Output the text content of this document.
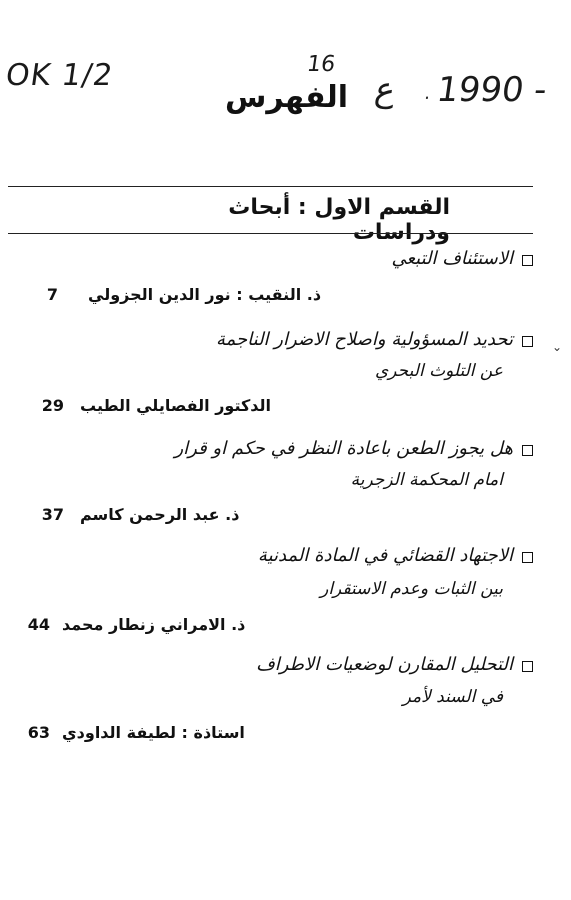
OK 1/2	16
1990 -
ع ·
الفهرس
القسم الاول : أبحاث ودراسات
الاستئناف التبعي
ذ. النقيب : نور الدين الجزولي
7
تحديد المسؤولية واصلاح الاضرار الناجمة
عن التلوث البحري
الدكتور الفصايلي الطيب
29
⌄
هل يجوز الطعن باعادة النظر في حكم او قرار
امام المحكمة الزجرية
ذ. عبد الرحمن كاسم
37
الاجتهاد القضائي في المادة المدنية
بين الثبات وعدم الاستقرار
ذ. الامراني زنطار محمد
44
التحليل المقارن لوضعيات الاطراف
في السند لأمر
استاذة : لطيفة الداودي
63
